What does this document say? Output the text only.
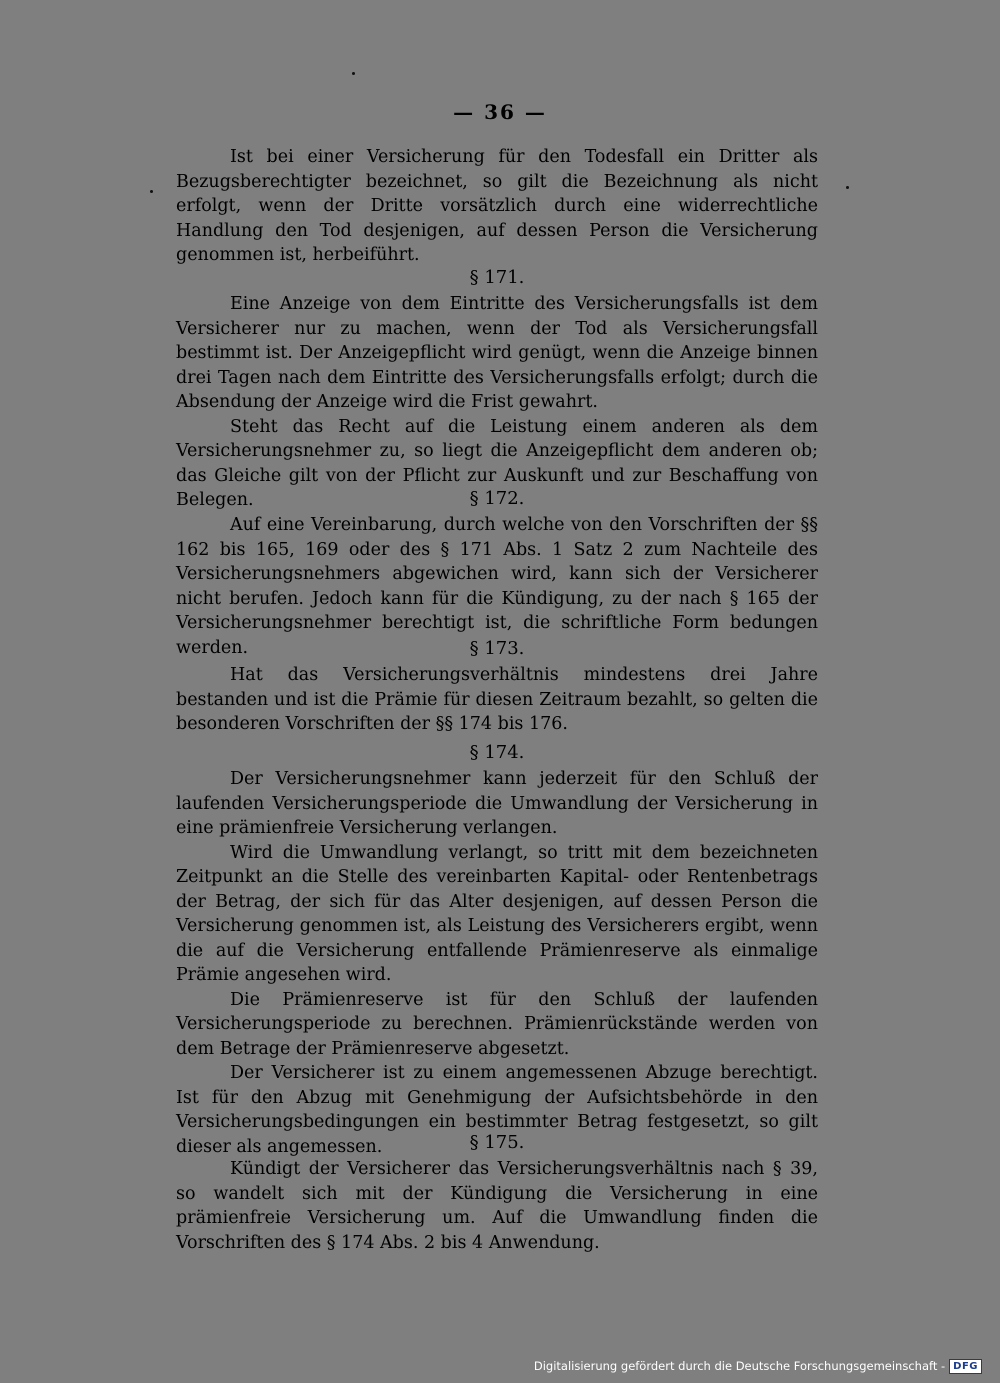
— 36 —

Ist bei einer Versicherung für den Todesfall ein Dritter als Bezugsberechtigter bezeichnet, so gilt die Bezeichnung als nicht erfolgt, wenn der Dritte vorsätzlich durch eine widerrechtliche Handlung den Tod desjenigen, auf dessen Person die Versicherung genommen ist, herbeiführt.

§ 171.

Eine Anzeige von dem Eintritte des Versicherungsfalls ist dem Versicherer nur zu machen, wenn der Tod als Versicherungsfall bestimmt ist. Der Anzeigepflicht wird genügt, wenn die Anzeige binnen drei Tagen nach dem Eintritte des Versicherungsfalls erfolgt; durch die Absendung der Anzeige wird die Frist gewahrt.

Steht das Recht auf die Leistung einem anderen als dem Versicherungsnehmer zu, so liegt die Anzeigepflicht dem anderen ob; das Gleiche gilt von der Pflicht zur Auskunft und zur Beschaffung von Belegen.	§ 172.

Auf eine Vereinbarung, durch welche von den Vorschriften der §§ 162 bis 165, 169 oder des § 171 Abs. 1 Satz 2 zum Nachteile des Versicherungsnehmers abgewichen wird, kann sich der Versicherer nicht berufen. Jedoch kann für die Kündigung, zu der nach § 165 der Versicherungsnehmer berechtigt ist, die schriftliche Form bedungen werden.	§ 173.

Hat das Versicherungsverhältnis mindestens drei Jahre bestanden und ist die Prämie für diesen Zeitraum bezahlt, so gelten die besonderen Vorschriften der §§ 174 bis 176.

§ 174.

Der Versicherungsnehmer kann jederzeit für den Schluß der laufenden Versicherungsperiode die Umwandlung der Versicherung in eine prämienfreie Versicherung verlangen.

Wird die Umwandlung verlangt, so tritt mit dem bezeichneten Zeitpunkt an die Stelle des vereinbarten Kapital- oder Rentenbetrags der Betrag, der sich für das Alter desjenigen, auf dessen Person die Versicherung genommen ist, als Leistung des Versicherers ergibt, wenn die auf die Versicherung entfallende Prämienreserve als einmalige Prämie angesehen wird.

Die Prämienreserve ist für den Schluß der laufenden Versicherungsperiode zu berechnen. Prämienrückstände werden von dem Betrage der Prämienreserve abgesetzt.

Der Versicherer ist zu einem angemessenen Abzuge berechtigt. Ist für den Abzug mit Genehmigung der Aufsichtsbehörde in den Versicherungsbedingungen ein bestimmter Betrag festgesetzt, so gilt dieser als angemessen.	§ 175.

Kündigt der Versicherer das Versicherungsverhältnis nach § 39, so wandelt sich mit der Kündigung die Versicherung in eine prämienfreie Versicherung um. Auf die Umwandlung finden die Vorschriften des § 174 Abs. 2 bis 4 Anwendung.

Digitalisierung gefördert durch die Deutsche Forschungsgemeinschaft - DFG
